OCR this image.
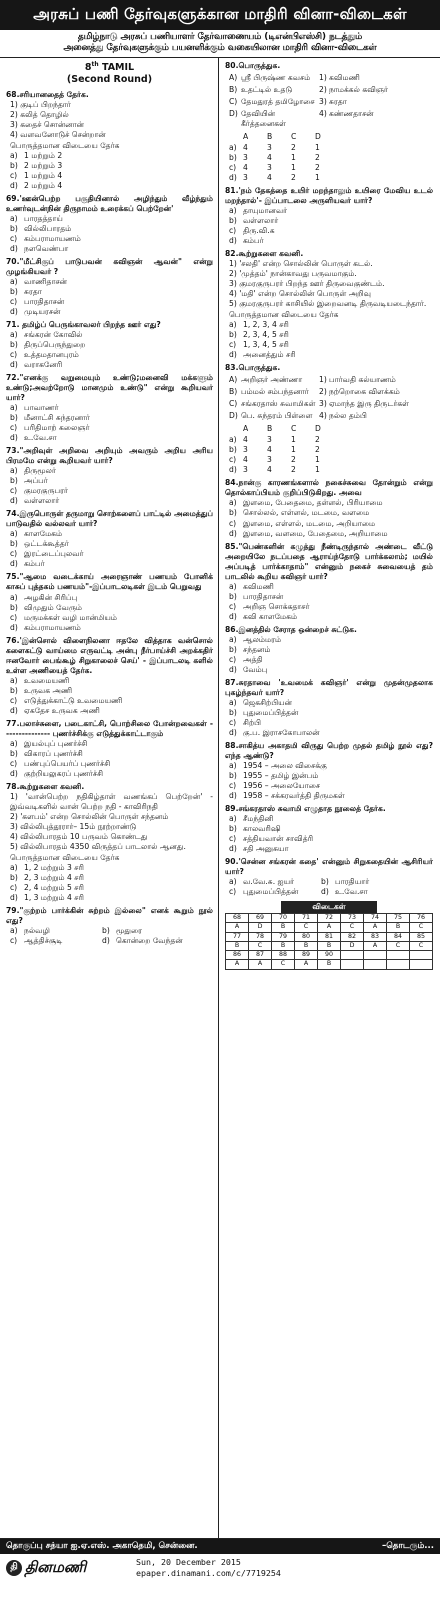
அரசுப் பணி தேர்வுகளுக்கான மாதிரி வினா-விடைகள்
தமிழ்நாடு அரசுப் பணியாளர் தேர்வாணையம் (டிஎன்பிஎஸ்சி) நடத்தும்
அனைத்து தேர்வுகளுக்கும் பயனளிக்கும் வகையிலான மாதிரி வினா-விடைகள்
8th TAMIL
(Second Round)
68.சரியானதைத் தேர்க.
1) குடிப் பிறந்தார்
2) கலித் தொழில்
3) கதைச் சொன்னான்
4) வளவனோடுச் சென்றான்
பொருத்தமான விடையை தேர்க
a) 1 மற்றும் 2
b) 2 மற்றும் 3
c) 1 மற்றும் 4
d) 2 மற்றும் 4
69.'ஊன்பெற்ற பகுதியினால் அழிந்தும் வீழ்ந்தும் உணர்வுடன்நின் திருநாமம் உரைக்கப் பெற்றேன்'
a) பாரதத்தாய்
b) வில்லிபாரதம்
c) கம்பராமாயணம்
d) நளவெண்பா
70."மீட்சிகுப் பாடுபவன் கவிஞன் ஆவன்" என்று முழங்கியவர் ?
a) வாணிதாசன்
b) சுரதா
c) பாரதிதாசன்
d) முடியரசன்
71. தமிழ்ப் பெருங்காவலர் பிறந்த ஊர் எது?
a) சங்கரன் கோவில்
b) திருப்பெருந்துறை
c) உத்தமதானபுரம்
d) வராகனேரி
72."எனக்கு வறுமையும் உண்டு;மனைவி மக்களும் உண்டு;அவற்றோடு மானமும் உண்டு" என்று கூறியவர் யார்?
a) பாவாணர்
b) மீனாட்சி சுந்தரனார்
c) பரிதிமாற் கலைஞர்
d) உ.வே.சா
73."அறிவுள் அறிவை அறியும் அவரும் அறிய அரிய பிரமமே என்று கூறியவர் யார்?
a) திருமூலர்
b) அப்பர்
c) குமரகுருபரர்
d) வள்ளலார்
74.இருபொருள் தருமாறு சொற்களைப் பாட்டில் அமைத்துப் பாடுவதில் வல்லவர் யார்?
a) காளமேகம்
b) ஒட்டக்கூத்தர்
c) இரட்டைப்புலவர்
d) கம்பர்
75."ஆமை வடைக்காய் அரைஞாண் பணயம் போனிக் காசுப் புத்தகம் பணயம்"-இப்பாடலடிகள் இடம் பெறுவது
a) அழகின் சிரிப்பு
b) விமுதும் வேரும்
c) மருமக்கள் வழி மான்மியம்
d) கம்பராமாயணம்
76.'இன்சொல் விளைநிலனா ஈதலே வித்தாக வன்சொல் களைகட்டு வாய்மை எருவட்டி அன்பு நீர்பாய்ச்சி அறக்கதிர் ஈனவோர் பைங்கூழ் சிறுகாலைச் செய்' - இப்பாடலடி களில் உள்ள அணியைத் தேர்க.
a) உவமையணி
b) உருவக அணி
c) எடுத்துக்காட்டு உவமையணி
d) ஏகதேச உருவக அணி
77.பலாச்சுளை, படைகாட்சி, பொற்சிலை போன்றவைகள் --------------- புணர்ச்சிக்கு எடுத்துக்காட்டாகும்
a) இயல்புப் புணர்ச்சி
b) விகாரப் புணர்ச்சி
c) பண்புப்பெயர்ப் புணர்ச்சி
d) குற்றியலுகரப் புணர்ச்சி
78.கூற்றுகளை கவனி.
1) 'வான்பெற்ற நதிகிழ்தாள் வணங்கப் பெற்றேன்' - இவ்வடிகளில் வான் பெற்ற நதி - காவிரிநதி
2) 'களபம்' என்ற சொல்லின் பொருள் சந்தனம்
3) வில்லிபுத்தூரார்– 15ம் நூற்றாண்டு
4) வில்லிபாரதம் 10 பருவம் கொண்டது
5) வில்லிபாரதம் 4350 விருத்தப் பாடலால் ஆனது.
பொருத்தமான விடையை தேர்க
a) 1, 2 மற்றும் 3 சரி
b) 2, 3 மற்றும் 4 சரி
c) 2, 4 மற்றும் 5 சரி
d) 1, 3 மற்றும் 4 சரி
79."குற்றம் பார்க்கின் சுற்றம் இல்லை" எனக் கூறும் நூல் எது?
a) நல்வழி	b) மூதுரை
c) ஆத்திச்சூடி	d) கொன்றை வேந்தன்
80.பொருத்துக.
A)	ஸ்ரீ பிருஷ்ண கவசம்	1)	கவிமணி
B)	உதட்டில் உதடு	2)	நாமக்கல் கவிஞர்
C)	தேமதுரத் தமிழோசை	3)	சுரதா
D)	தேவியின் கீர்த்தனைகள்	4)	கண்ணதாசன்
A	B	C	D
a) 4	3	2	1
b) 3	4	1	2
c) 4	3	1	2
d) 3	4	2	1
81.'நம் தேகத்தை உயிர் மறந்தாலும் உயிரை மேவிய உடல் மறந்தால்'- இப்பாடலை அருளியவர் யார்?
a) தாயுமானவர்
b) வள்ளலார்
c) திரு.வி.க
d) கம்பர்
82.கூற்றுகளை கவனி.
1) 'சலதி' என்ற சொல்லின் பொருள் கடல்.
2) 'முத்தம்' நான்காவது பருவமாகும்.
3) குமரகுருபரர் பிறந்த ஊர் திருவைகுண்டம்.
4) 'மதி' என்ற சொல்லின் பொருள் அறிவு
5) குமரகுருபரர் காசியில் இறைவனடி திருவடியடைந்தார்.
பொருத்தமான விடையை தேர்க
a) 1, 2, 3, 4 சரி
b) 2, 3, 4, 5 சரி
c) 1, 3, 4, 5 சரி
d) அனைத்தும் சரி
83.பொருத்துக.
A)	அறிஞர் அண்ணா	1)	பார்வதி கல்யாணம்
B)	பம்மல் சம்பந்தனார்	2)	நற்றொகை விளக்கம்
C)	சங்கரதாஸ் சுவாமிகள்	3)	ஏமாந்த இரு திருடர்கள்
D)	பெ. சுந்தரம் பிள்ளை	4)	நல்ல தம்பி
A	B	C	D
a) 4	3	1	2
b) 3	4	1	2
c) 4	3	2	1
d) 3	4	2	1
84.நான்கு காரணங்களால் நகைச்சுவை தோன்றும் என்று தொல்காப்பியம் குறிப்பிடுகிறது. அவை
a) இளமை, பேதைமை, தள்ளல், பிரியாமை
b) சொல்லல், எள்ளல், மடமை, வளமை
c) இளமை, எள்ளல், மடமை, அறியாமை
d) இளமை, வளமை, பேதைமை, அறியாமை
85."பெண்களின் கழுத்து நீண்டிருந்தால் அண்டை வீட்டு அறையிலே நடப்பதை ஆராய்ந்தோடு பார்க்கலாம்; மயில் அப்படித் பார்க்காதாம்" என்னும் நகைச் சுவையைத் தம் பாடலில் கூறிய கவிஞர் யார்?
a) கவிமணி
b) பாரதிதாசன்
c) அறிஞ சொக்கதாசர்
d) கவி காளமேகம்
86.இனத்தில் சேராத ஒன்றைச் சுட்டுக.
a) ஆலம்மரம்
b) சந்தனம்
c) அத்தி
d) வேம்பு
87.சுரதாவை 'உவமைக் கவிஞர்' என்று முதன்முதலாக புகழ்ந்தவர் யார்?
a) ஜெகசிற்பியன்
b) புதுமைப்பித்தன்
c) சிற்பி
d) கு.ப. இராசகோபாலன்
88.சாகித்ய அகாதமி விருது பெற்ற முதல் தமிழ் நூல் எது?எந்த ஆண்டு?
a) 1954 – அலை விசைக்கு
b) 1955 – தமிழ் இன்பம்
c) 1956 – அலையோசை
d) 1958 – சக்கரவர்த்தி திருமகள்
89.சங்கரதாஸ் சுவாமி எழுதாத நூலைத் தேர்க.
a) சீமந்தினி
b) காலவரிஷி
c) சத்தியவான் சாவித்ரி
d) சதி அனுசுயா
90.'சென்ன சங்கரன் கதை' என்னும் சிறுகதையின் ஆசிரியர் யார்?
a) வ.வே.சு. ஐயர்	b) பாரதியார்
c) புதுமைப்பித்தன்	d) உ.வே.சா
விடைகள்
68	69	70	71	72	73	74	75	76
A	D	B	C	A	C	A	B	C
77	78	79	80	81	82	83	84	85
B	C	B	B	B	D	A	C	C
86	87	88	89	90				
A	A	C	A	B				
தொகுப்பு சத்யா ஐ.ஏ.எஸ். அகாதெமி, சென்னை.	–தொடரும்...
தி தினமணி	Sun, 20 December 2015
epaper.dinamani.com/c/7719254
